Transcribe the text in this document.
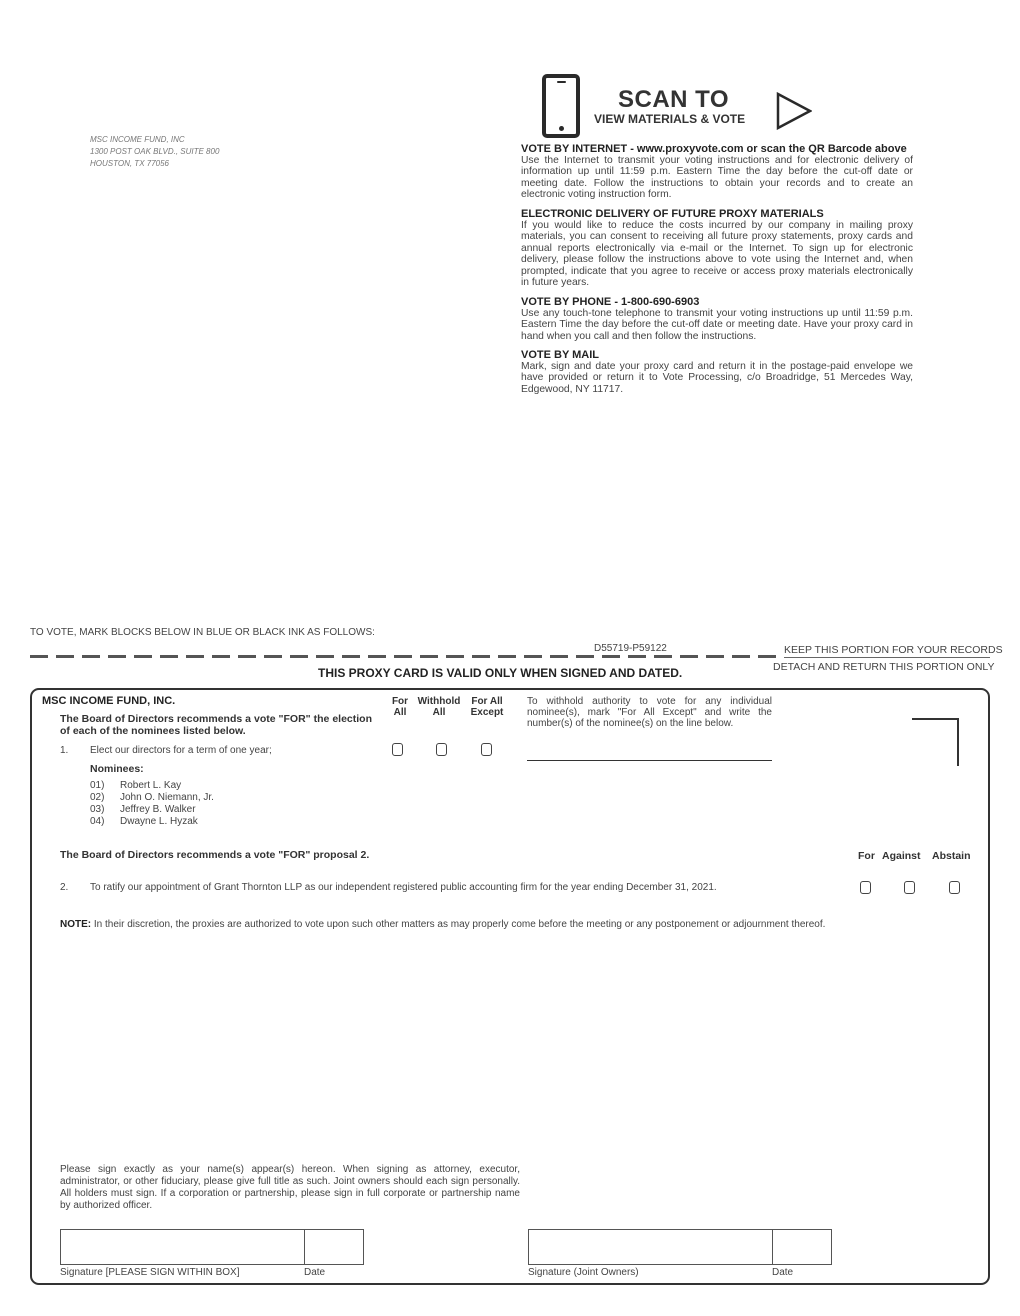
MSC INCOME FUND, INC
1300 POST OAK BLVD., SUITE 800
HOUSTON, TX 77056
SCAN TO
VIEW MATERIALS & VOTE
VOTE BY INTERNET - www.proxyvote.com or scan the QR Barcode above

Use the Internet to transmit your voting instructions and for electronic delivery of information up until 11:59 p.m. Eastern Time the day before the cut-off date or meeting date. Follow the instructions to obtain your records and to create an electronic voting instruction form.

ELECTRONIC DELIVERY OF FUTURE PROXY MATERIALS

If you would like to reduce the costs incurred by our company in mailing proxy materials, you can consent to receiving all future proxy statements, proxy cards and annual reports electronically via e-mail or the Internet. To sign up for electronic delivery, please follow the instructions above to vote using the Internet and, when prompted, indicate that you agree to receive or access proxy materials electronically in future years.

VOTE BY PHONE - 1-800-690-6903

Use any touch-tone telephone to transmit your voting instructions up until 11:59 p.m. Eastern Time the day before the cut-off date or meeting date. Have your proxy card in hand when you call and then follow the instructions.

VOTE BY MAIL

Mark, sign and date your proxy card and return it in the postage-paid envelope we have provided or return it to Vote Processing, c/o Broadridge, 51 Mercedes Way, Edgewood, NY 11717.

TO VOTE, MARK BLOCKS BELOW IN BLUE OR BLACK INK AS FOLLOWS:
D55719-P59122	KEEP THIS PORTION FOR YOUR RECORDS
DETACH AND RETURN THIS PORTION ONLY
THIS PROXY CARD IS VALID ONLY WHEN SIGNED AND DATED.
MSC INCOME FUND, INC.
The Board of Directors recommends a vote "FOR" the election of each of the nominees listed below.
For
All
Withhold
All
For All
Except
To withhold authority to vote for any individual nominee(s), mark "For All Except" and write the number(s) of the nominee(s) on the line below.
1. Elect our directors for a term of one year;
Nominees:
01) Robert L. Kay
02) John O. Niemann, Jr.
03) Jeffrey B. Walker
04) Dwayne L. Hyzak
The Board of Directors recommends a vote "FOR" proposal 2.	For Against Abstain
2. To ratify our appointment of Grant Thornton LLP as our independent registered public accounting firm for the year ending December 31, 2021.
NOTE: In their discretion, the proxies are authorized to vote upon such other matters as may properly come before the meeting or any postponement or adjournment thereof.
Please sign exactly as your name(s) appear(s) hereon. When signing as attorney, executor, administrator, or other fiduciary, please give full title as such. Joint owners should each sign personally. All holders must sign. If a corporation or partnership, please sign in full corporate or partnership name by authorized officer.
Signature [PLEASE SIGN WITHIN BOX]	Date	Signature (Joint Owners)	Date
